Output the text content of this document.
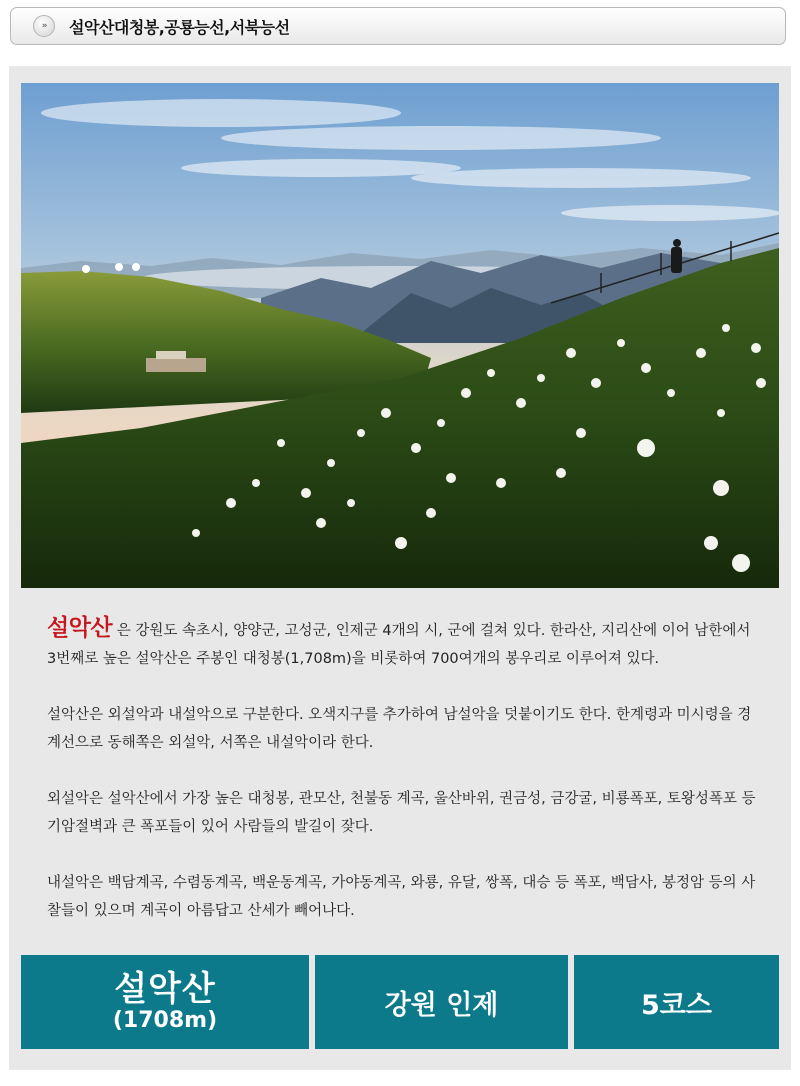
»	설악산대청봉,공룡능선,서북능선

설악산 은 강원도 속초시, 양양군, 고성군, 인제군 4개의 시, 군에 걸쳐 있다. 한라산, 지리산에 이어 남한에서 3번째로 높은 설악산은 주봉인 대청봉(1,708m)을 비롯하여 700여개의 봉우리로 이루어져 있다.

설악산은 외설악과 내설악으로 구분한다. 오색지구를 추가하여 남설악을 덧붙이기도 한다. 한계령과 미시령을 경계선으로 동해쪽은 외설악, 서쪽은 내설악이라 한다.

외설악은 설악산에서 가장 높은 대청봉, 관모산, 천불동 계곡, 울산바위, 권금성, 금강굴, 비룡폭포, 토왕성폭포 등 기암절벽과 큰 폭포들이 있어 사람들의 발길이 잦다.

내설악은 백담계곡, 수렴동계곡, 백운동계곡, 가야동계곡, 와룡, 유달, 쌍폭, 대승 등 폭포, 백담사, 봉정암 등의 사찰들이 있으며 계곡이 아름답고 산세가 빼어나다.

설악산
(1708m)	강원 인제	5코스
